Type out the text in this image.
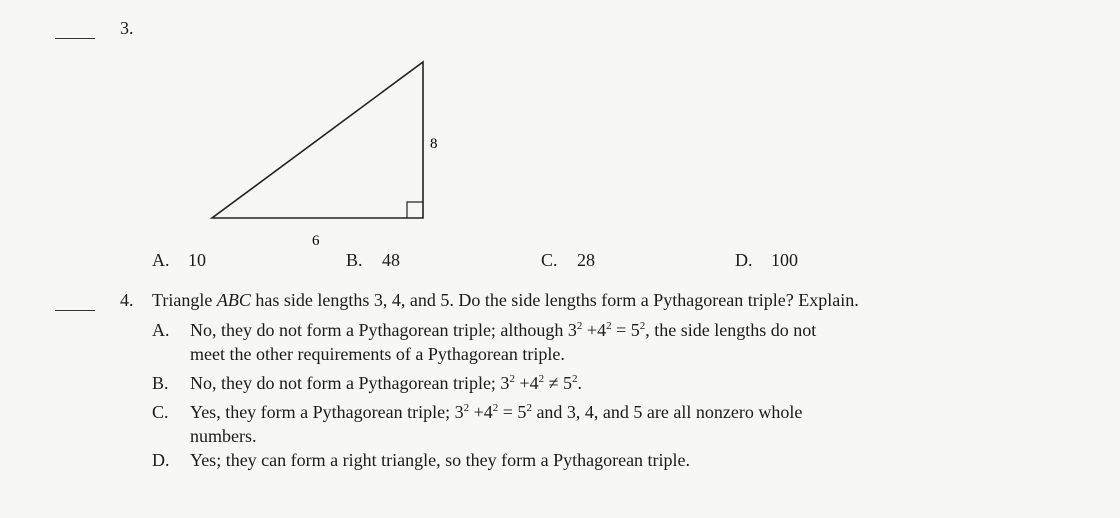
3.
8
6
A. 10	B. 48	C. 28	D. 100
4. Triangle ABC has side lengths 3, 4, and 5. Do the side lengths form a Pythagorean triple? Explain.
A. No, they do not form a Pythagorean triple; although $3^2 +4^2 = 5^2$, the side lengths do not
meet the other requirements of a Pythagorean triple.
B. No, they do not form a Pythagorean triple; $3^2 +4^2 \ne 5^2$.
C. Yes, they form a Pythagorean triple; $3^2 +4^2 = 5^2$ and 3, 4, and 5 are all nonzero whole
numbers.
D. Yes; they can form a right triangle, so they form a Pythagorean triple.
